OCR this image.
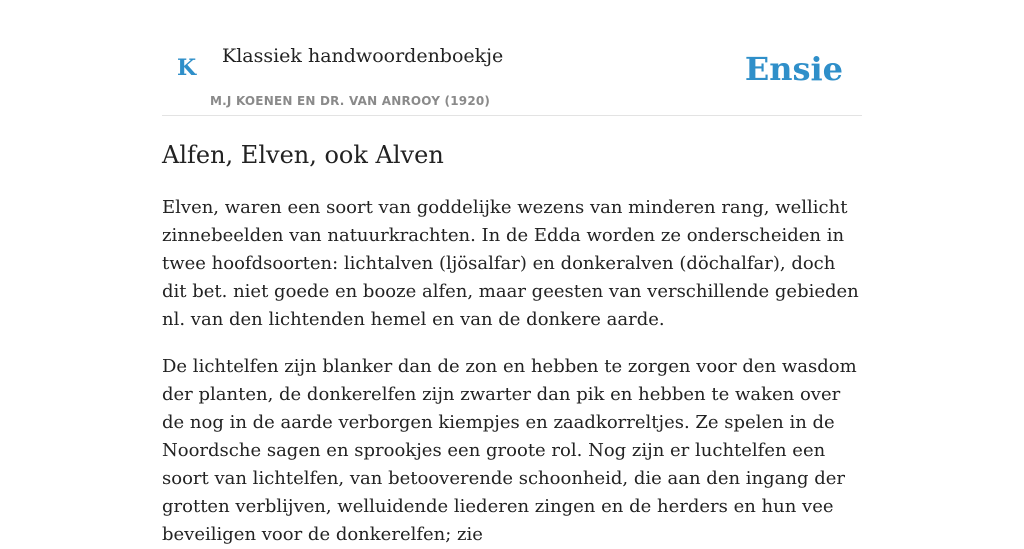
K Klassiek handwoordenboekje
M.J KOENEN EN DR. VAN ANROOY (1920)
Ensie
Alfen, Elven, ook Alven

Elven, waren een soort van goddelijke wezens van minderen rang, wellicht zinnebeelden van natuurkrachten. In de Edda worden ze onderscheiden in twee hoofdsoorten: lichtalven (ljösalfar) en donkeralven (döchalfar), doch dit bet. niet goede en booze alfen, maar geesten van verschillende gebieden nl. van den lichtenden hemel en van de donkere aarde.

De lichtelfen zijn blanker dan de zon en hebben te zorgen voor den wasdom der planten, de donkerelfen zijn zwarter dan pik en hebben te waken over de nog in de aarde verborgen kiempjes en zaadkorreltjes. Ze spelen in de Noordsche sagen en sprookjes een groote rol. Nog zijn er luchtelfen een soort van lichtelfen, van betooverende schoonheid, die aan den ingang der grotten verblijven, welluidende liederen zingen en de herders en hun vee beveiligen voor de donkerelfen; zie
